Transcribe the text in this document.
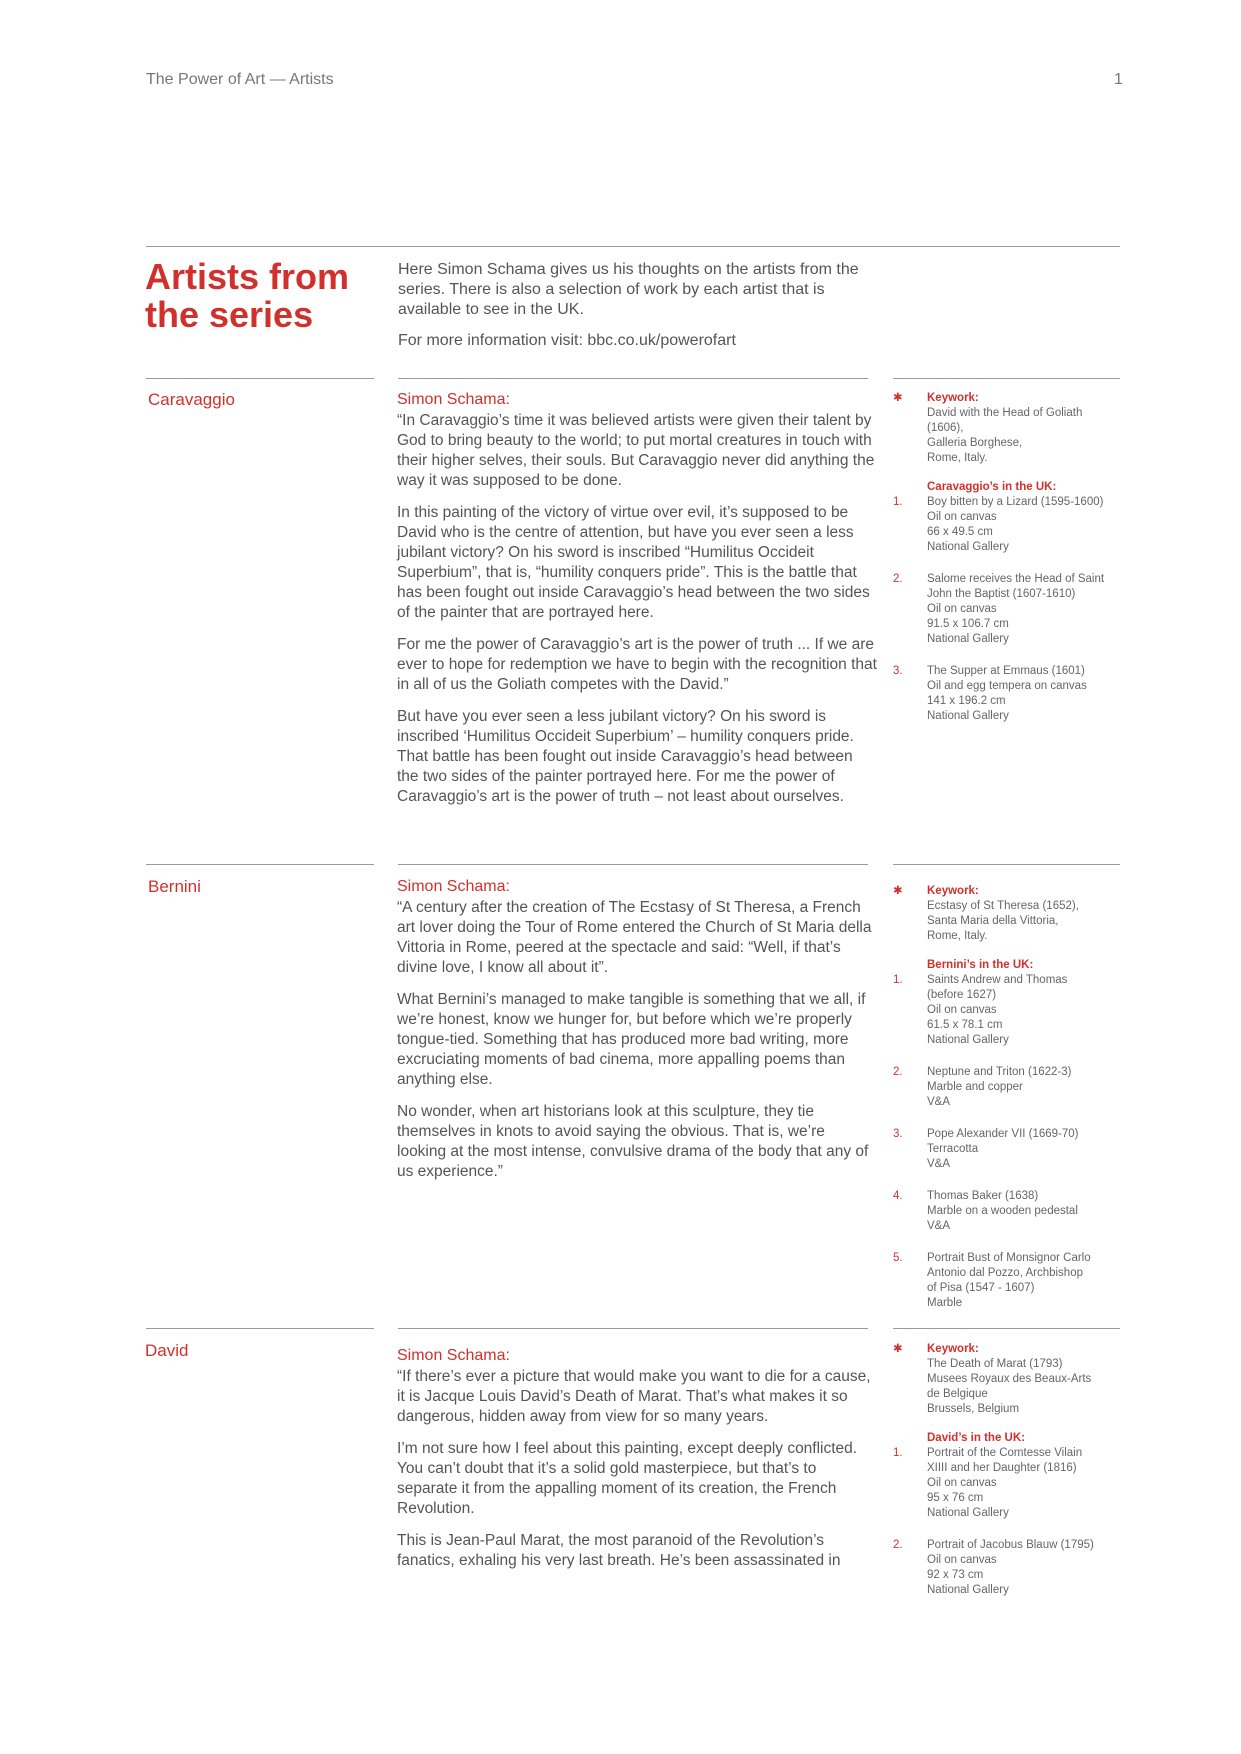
The Power of Art — Artists	1
Artists from the series

Here Simon Schama gives us his thoughts on the artists from the series. There is also a selection of work by each artist that is available to see in the UK.

For more information visit: bbc.co.uk/powerofart

Caravaggio	Simon Schama:

“In Caravaggio’s time it was believed artists were given their talent by God to bring beauty to the world; to put mortal creatures in touch with their higher selves, their souls. But Caravaggio never did anything the way it was supposed to be done.

In this painting of the victory of virtue over evil, it’s supposed to be David who is the centre of attention, but have you ever seen a less jubilant victory? On his sword is inscribed “Humilitus Occideit Superbium”, that is, “humility conquers pride”. This is the battle that has been fought out inside Caravaggio’s head between the two sides of the painter that are portrayed here.

For me the power of Caravaggio’s art is the power of truth ... If we are ever to hope for redemption we have to begin with the recognition that in all of us the Goliath competes with the David.”

But have you ever seen a less jubilant victory? On his sword is inscribed ‘Humilitus Occideit Superbium’ – humility conquers pride. That battle has been fought out inside Caravaggio’s head between the two sides of the painter portrayed here. For me the power of Caravaggio’s art is the power of truth – not least about ourselves.

✱ Keywork:
David with the Head of Goliath
(1606),
Galleria Borghese,
Rome, Italy.
Caravaggio’s in the UK:
1. Boy bitten by a Lizard (1595-1600)
Oil on canvas
66 x 49.5 cm
National Gallery
2. Salome receives the Head of Saint
John the Baptist (1607-1610)
Oil on canvas
91.5 x 106.7 cm
National Gallery
3. The Supper at Emmaus (1601)
Oil and egg tempera on canvas
141 x 196.2 cm
National Gallery
Bernini	Simon Schama:

“A century after the creation of The Ecstasy of St Theresa, a French art lover doing the Tour of Rome entered the Church of St Maria della Vittoria in Rome, peered at the spectacle and said: “Well, if that’s divine love, I know all about it”.

What Bernini’s managed to make tangible is something that we all, if we’re honest, know we hunger for, but before which we’re properly tongue-tied. Something that has produced more bad writing, more excruciating moments of bad cinema, more appalling poems than anything else.

No wonder, when art historians look at this sculpture, they tie themselves in knots to avoid saying the obvious. That is, we’re looking at the most intense, convulsive drama of the body that any of us experience.”

✱ Keywork:
Ecstasy of St Theresa (1652),
Santa Maria della Vittoria,
Rome, Italy.
Bernini’s in the UK:
1. Saints Andrew and Thomas
(before 1627)
Oil on canvas
61.5 x 78.1 cm
National Gallery
2. Neptune and Triton (1622-3)
Marble and copper
V&A
3. Pope Alexander VII (1669-70)
Terracotta
V&A
4. Thomas Baker (1638)
Marble on a wooden pedestal
V&A
5. Portrait Bust of Monsignor Carlo
Antonio dal Pozzo, Archbishop
of Pisa (1547 - 1607)
Marble
David	Simon Schama:

“If there’s ever a picture that would make you want to die for a cause, it is Jacque Louis David’s Death of Marat. That’s what makes it so dangerous, hidden away from view for so many years.

I’m not sure how I feel about this painting, except deeply conflicted. You can’t doubt that it’s a solid gold masterpiece, but that’s to separate it from the appalling moment of its creation, the French Revolution.

This is Jean-Paul Marat, the most paranoid of the Revolution’s fanatics, exhaling his very last breath. He’s been assassinated in

✱ Keywork:
The Death of Marat (1793)
Musees Royaux des Beaux-Arts
de Belgique
Brussels, Belgium
David’s in the UK:
1. Portrait of the Comtesse Vilain
XIIII and her Daughter (1816)
Oil on canvas
95 x 76 cm
National Gallery
2. Portrait of Jacobus Blauw (1795)
Oil on canvas
92 x 73 cm
National Gallery
